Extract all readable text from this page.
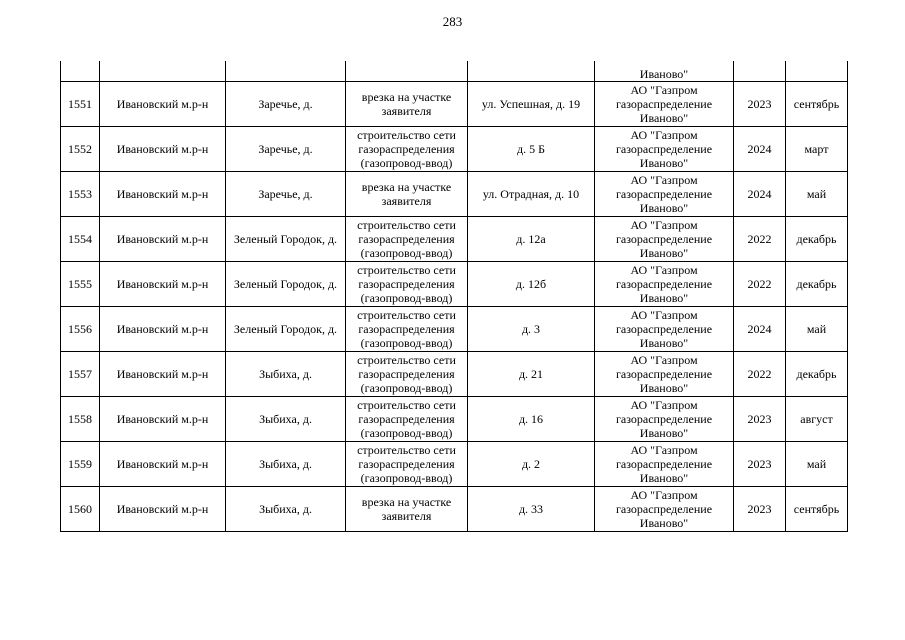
283
					Иваново"		
1551	Ивановский м.р-н	Заречье, д.	врезка на участке заявителя	ул. Успешная, д. 19	АО "Газпром газораспределение Иваново"	2023	сентябрь
1552	Ивановский м.р-н	Заречье, д.	строительство сети газораспределения (газопровод-ввод)	д. 5 Б	АО "Газпром газораспределение Иваново"	2024	март
1553	Ивановский м.р-н	Заречье, д.	врезка на участке заявителя	ул. Отрадная, д. 10	АО "Газпром газораспределение Иваново"	2024	май
1554	Ивановский м.р-н	Зеленый Городок, д.	строительство сети газораспределения (газопровод-ввод)	д. 12а	АО "Газпром газораспределение Иваново"	2022	декабрь
1555	Ивановский м.р-н	Зеленый Городок, д.	строительство сети газораспределения (газопровод-ввод)	д. 12б	АО "Газпром газораспределение Иваново"	2022	декабрь
1556	Ивановский м.р-н	Зеленый Городок, д.	строительство сети газораспределения (газопровод-ввод)	д. 3	АО "Газпром газораспределение Иваново"	2024	май
1557	Ивановский м.р-н	Зыбиха, д.	строительство сети газораспределения (газопровод-ввод)	д. 21	АО "Газпром газораспределение Иваново"	2022	декабрь
1558	Ивановский м.р-н	Зыбиха, д.	строительство сети газораспределения (газопровод-ввод)	д. 16	АО "Газпром газораспределение Иваново"	2023	август
1559	Ивановский м.р-н	Зыбиха, д.	строительство сети газораспределения (газопровод-ввод)	д. 2	АО "Газпром газораспределение Иваново"	2023	май
1560	Ивановский м.р-н	Зыбиха, д.	врезка на участке заявителя	д. 33	АО "Газпром газораспределение Иваново"	2023	сентябрь
